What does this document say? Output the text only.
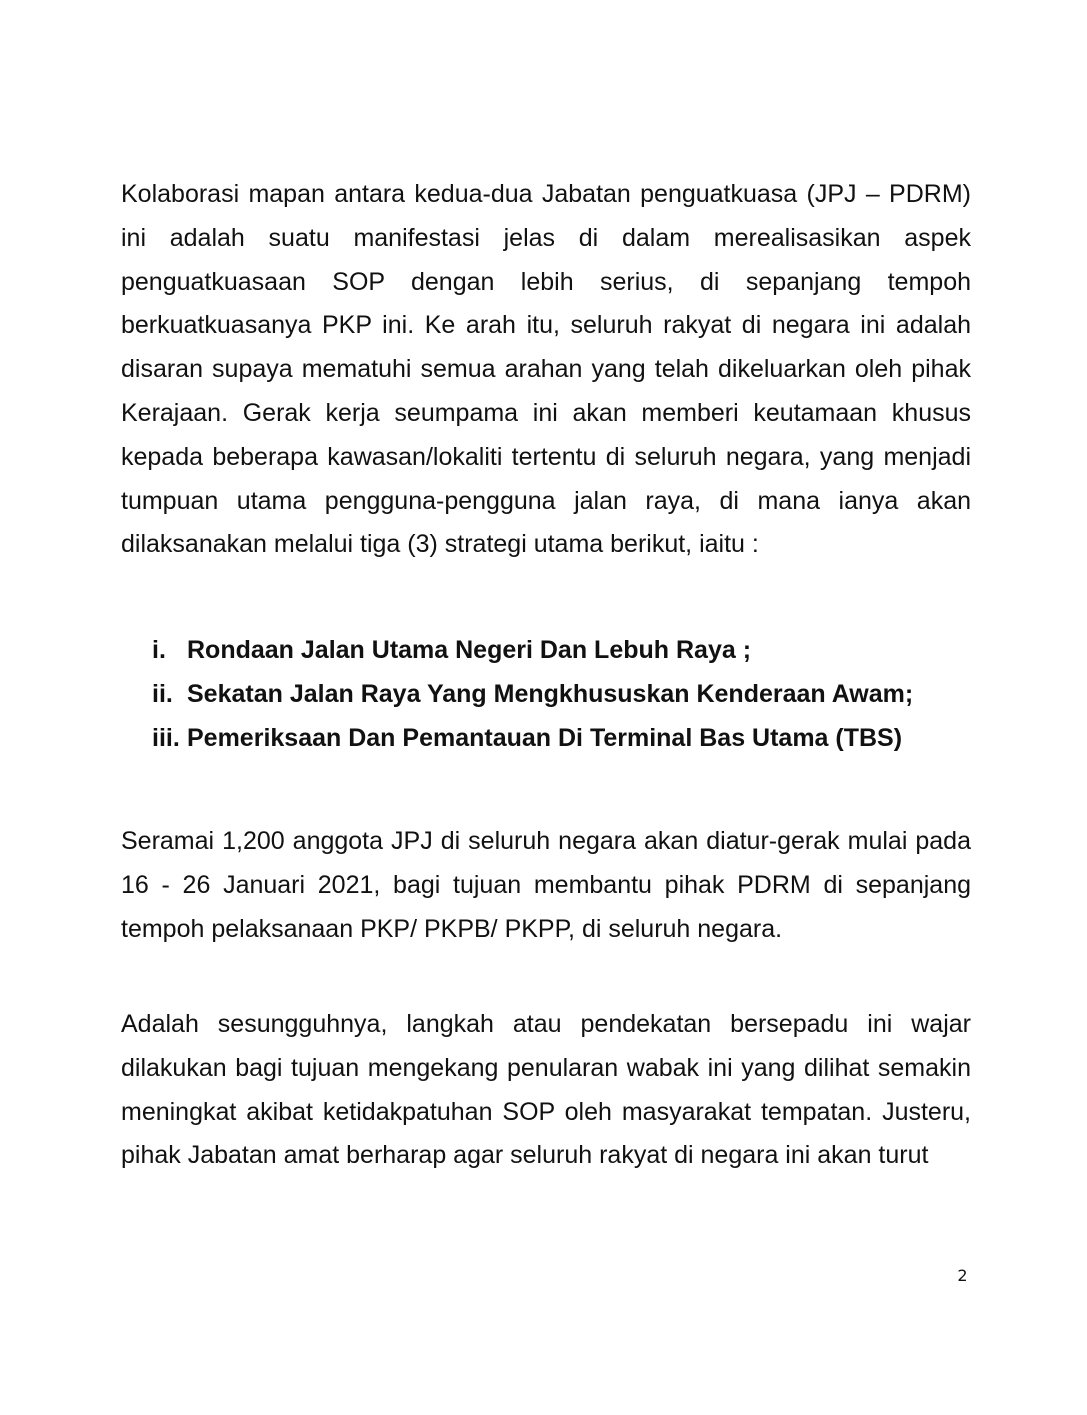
Kolaborasi mapan antara kedua-dua Jabatan penguatkuasa (JPJ – PDRM) ini adalah suatu manifestasi jelas di dalam merealisasikan aspek penguatkuasaan SOP dengan lebih serius, di sepanjang tempoh berkuatkuasanya PKP ini. Ke arah itu, seluruh rakyat di negara ini adalah disaran supaya mematuhi semua arahan yang telah dikeluarkan oleh pihak Kerajaan. Gerak kerja seumpama ini akan memberi keutamaan khusus kepada beberapa kawasan/lokaliti tertentu di seluruh negara, yang menjadi tumpuan utama pengguna-pengguna jalan raya, di mana ianya akan dilaksanakan melalui tiga (3) strategi utama berikut, iaitu :

i. Rondaan Jalan Utama Negeri Dan Lebuh Raya ;
ii. Sekatan Jalan Raya Yang Mengkhususkan Kenderaan Awam;
iii. Pemeriksaan Dan Pemantauan Di Terminal Bas Utama (TBS)

Seramai 1,200 anggota JPJ di seluruh negara akan diatur-gerak mulai pada 16 - 26 Januari 2021, bagi tujuan membantu pihak PDRM di sepanjang tempoh pelaksanaan PKP/ PKPB/ PKPP, di seluruh negara.

Adalah sesungguhnya, langkah atau pendekatan bersepadu ini wajar dilakukan bagi tujuan mengekang penularan wabak ini yang dilihat semakin meningkat akibat ketidakpatuhan SOP oleh masyarakat tempatan. Justeru, pihak Jabatan amat berharap agar seluruh rakyat di negara ini akan turut

2
